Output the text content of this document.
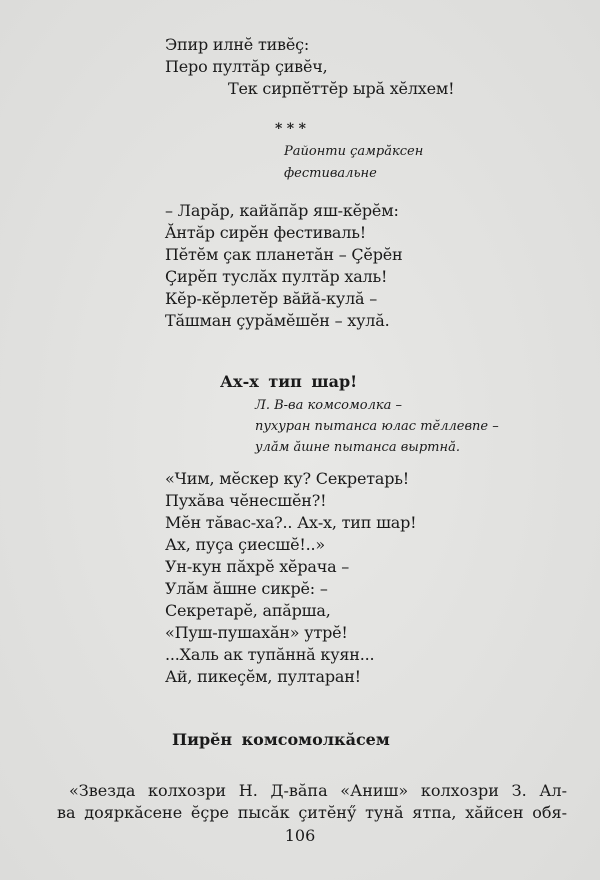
Эпир илнĕ тивĕç:
Перо пултăр çивĕч,
Тек сирпĕттĕр ырă хĕлхем!
* * *
Районти çамрăксен
фестивальне
– Ларăр, кайăпăр яш-кĕрĕм:
Ăнтăр сирĕн фестиваль!
Пĕтĕм çак планетăн – Çĕрĕн
Çирĕп туслăх пултăр халь!
Кĕр-кĕрлетĕр вăйă-кулă –
Тăшман çурăмĕшĕн – хулă.
Ах-х тип шар!
Л. В-ва комсомолка –
пухуран пытанса юлас тĕллевпе –
улăм ăшне пытанса выртнă.
«Чим, мĕскер ку? Секретарь!
Пухăва чĕнесшĕн?!
Мĕн тăвас-ха?.. Ах-х, тип шар!
Ах, пуçа çиесшĕ!..»
Ун-кун пăхрĕ хĕрача –
Улăм ăшне сикрĕ: –
Секретарĕ, апăрша,
«Пуш-пушахăн» утрĕ!
...Халь ак тупăннă куян...
Ай, пикеçĕм, пултаран!
Пирĕн комсомолкăсем
«Звезда колхозри Н. Д-вăпа «Аниш» колхозри З. Ал-
ва дояркăсене ĕçре пысăк çитĕнӳ тунă ятпа, хăйсен обя-
106
